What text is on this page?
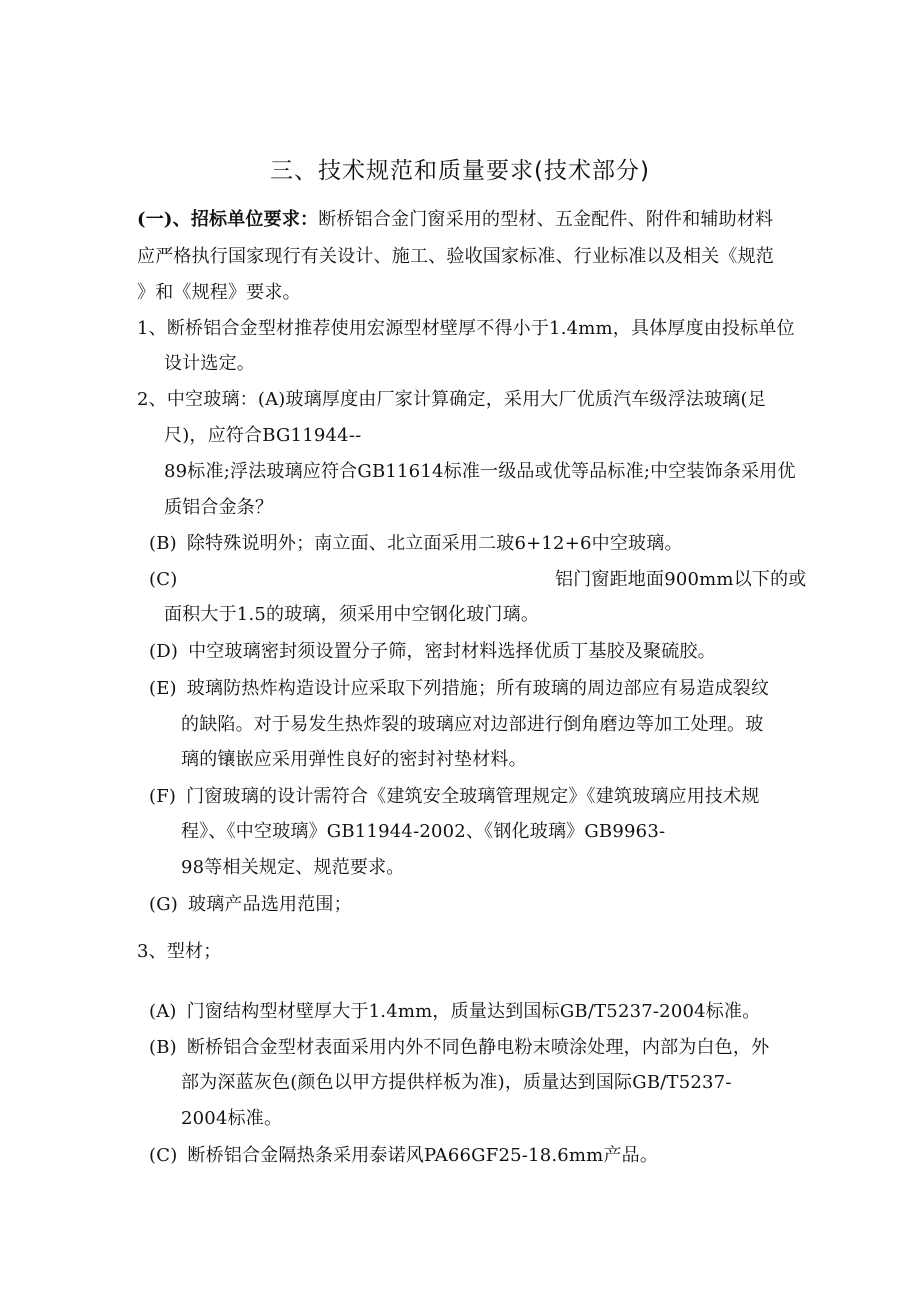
三、技术规范和质量要求(技术部分)
(一)、招标单位要求：断桥铝合金门窗采用的型材、五金配件、附件和辅助材料
应严格执行国家现行有关设计、施工、验收国家标准、行业标准以及相关《规范
》和《规程》要求。
1、断桥铝合金型材推荐使用宏源型材壁厚不得小于1.4mm，具体厚度由投标单位
设计选定。
2、中空玻璃：(A)玻璃厚度由厂家计算确定，采用大厂优质汽车级浮法玻璃(足
尺)，应符合BG11944--
89标准;浮法玻璃应符合GB11614标准一级品或优等品标准;中空装饰条采用优
质铝合金条？
(B) 除特殊说明外；南立面、北立面采用二玻6+12+6中空玻璃。
(C)	铝门窗距地面900mm以下的或
面积大于1.5的玻璃，须采用中空钢化玻门璃。
(D) 中空玻璃密封须设置分子筛，密封材料选择优质丁基胶及聚硫胶。
(E) 玻璃防热炸构造设计应采取下列措施；所有玻璃的周边部应有易造成裂纹
的缺陷。对于易发生热炸裂的玻璃应对边部进行倒角磨边等加工处理。玻
璃的镶嵌应采用弹性良好的密封衬垫材料。
(F) 门窗玻璃的设计需符合《建筑安全玻璃管理规定》《建筑玻璃应用技术规
程》、《中空玻璃》GB11944-2002、《钢化玻璃》GB9963-
98等相关规定、规范要求。
(G) 玻璃产品选用范围；
3、型材；
(A) 门窗结构型材壁厚大于1.4mm，质量达到国标GB/T5237-2004标准。
(B) 断桥铝合金型材表面采用内外不同色静电粉末喷涂处理，内部为白色，外
部为深蓝灰色(颜色以甲方提供样板为准)，质量达到国际GB/T5237-
2004标准。
(C) 断桥铝合金隔热条采用泰诺风PA66GF25-18.6mm产品。
